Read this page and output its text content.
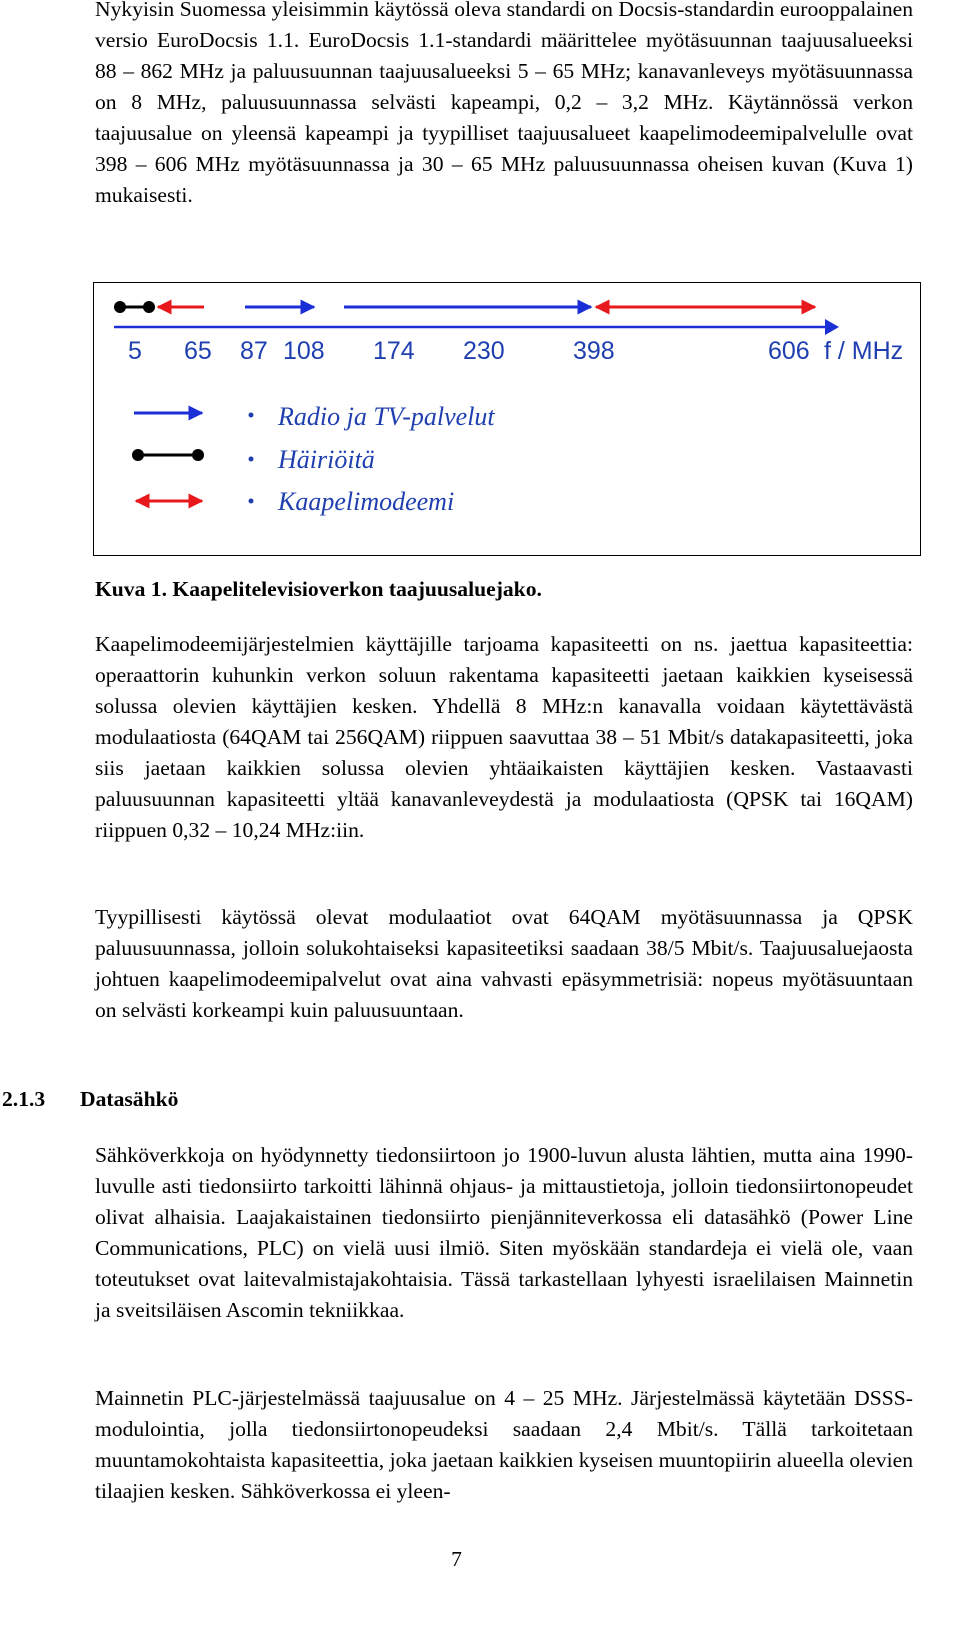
Nykyisin Suomessa yleisimmin käytössä oleva standardi on Docsis-standardin eurooppalainen versio EuroDocsis 1.1. EuroDocsis 1.1-standardi määrittelee myötäsuunnan taajuusalueeksi 88 – 862 MHz ja paluusuunnan taajuusalueeksi 5 – 65 MHz; kanavanleveys myötäsuunnassa on 8 MHz, paluusuunnassa selvästi kapeampi, 0,2 – 3,2 MHz. Käytännössä verkon taajuusalue on yleensä kapeampi ja tyypilliset taajuusalueet kaapelimodeemipalvelulle ovat 398 – 606 MHz myötäsuunnassa ja 30 – 65 MHz paluusuunnassa oheisen kuvan (Kuva 1) mukaisesti.

5 65 87 108 174 230	398	606 f / MHz
Radio ja TV-palvelut
Häiriöitä
Kaapelimodeemi

Kuva 1. Kaapelitelevisioverkon taajuusaluejako.

Kaapelimodeemijärjestelmien käyttäjille tarjoama kapasiteetti on ns. jaettua kapasiteettia: operaattorin kuhunkin verkon soluun rakentama kapasiteetti jaetaan kaikkien kyseisessä solussa olevien käyttäjien kesken. Yhdellä 8 MHz:n kanavalla voidaan käytettävästä modulaatiosta (64QAM tai 256QAM) riippuen saavuttaa 38 – 51 Mbit/s datakapasiteetti, joka siis jaetaan kaikkien solussa olevien yhtäaikaisten käyttäjien kesken. Vastaavasti paluusuunnan kapasiteetti yltää kanavanleveydestä ja modulaatiosta (QPSK tai 16QAM) riippuen 0,32 – 10,24 MHz:iin.

Tyypillisesti käytössä olevat modulaatiot ovat 64QAM myötäsuunnassa ja QPSK paluusuunnassa, jolloin solukohtaiseksi kapasiteetiksi saadaan 38/5 Mbit/s. Taajuusaluejaosta johtuen kaapelimodeemipalvelut ovat aina vahvasti epäsymmetrisiä: nopeus myötäsuuntaan on selvästi korkeampi kuin paluusuuntaan.

2.1.3 Datasähkö

Sähköverkkoja on hyödynnetty tiedonsiirtoon jo 1900-luvun alusta lähtien, mutta aina 1990-luvulle asti tiedonsiirto tarkoitti lähinnä ohjaus- ja mittaustietoja, jolloin tiedonsiirtonopeudet olivat alhaisia. Laajakaistainen tiedonsiirto pienjänniteverkossa eli datasähkö (Power Line Communications, PLC) on vielä uusi ilmiö. Siten myöskään standardeja ei vielä ole, vaan toteutukset ovat laitevalmistajakohtaisia. Tässä tarkastellaan lyhyesti israelilaisen Mainnetin ja sveitsiläisen Ascomin tekniikkaa.

Mainnetin PLC-järjestelmässä taajuusalue on 4 – 25 MHz. Järjestelmässä käytetään DSSS-modulointia, jolla tiedonsiirtonopeudeksi saadaan 2,4 Mbit/s. Tällä tarkoitetaan muuntamokohtaista kapasiteettia, joka jaetaan kaikkien kyseisen muuntopiirin alueella olevien tilaajien kesken. Sähköverkossa ei yleen-

7
